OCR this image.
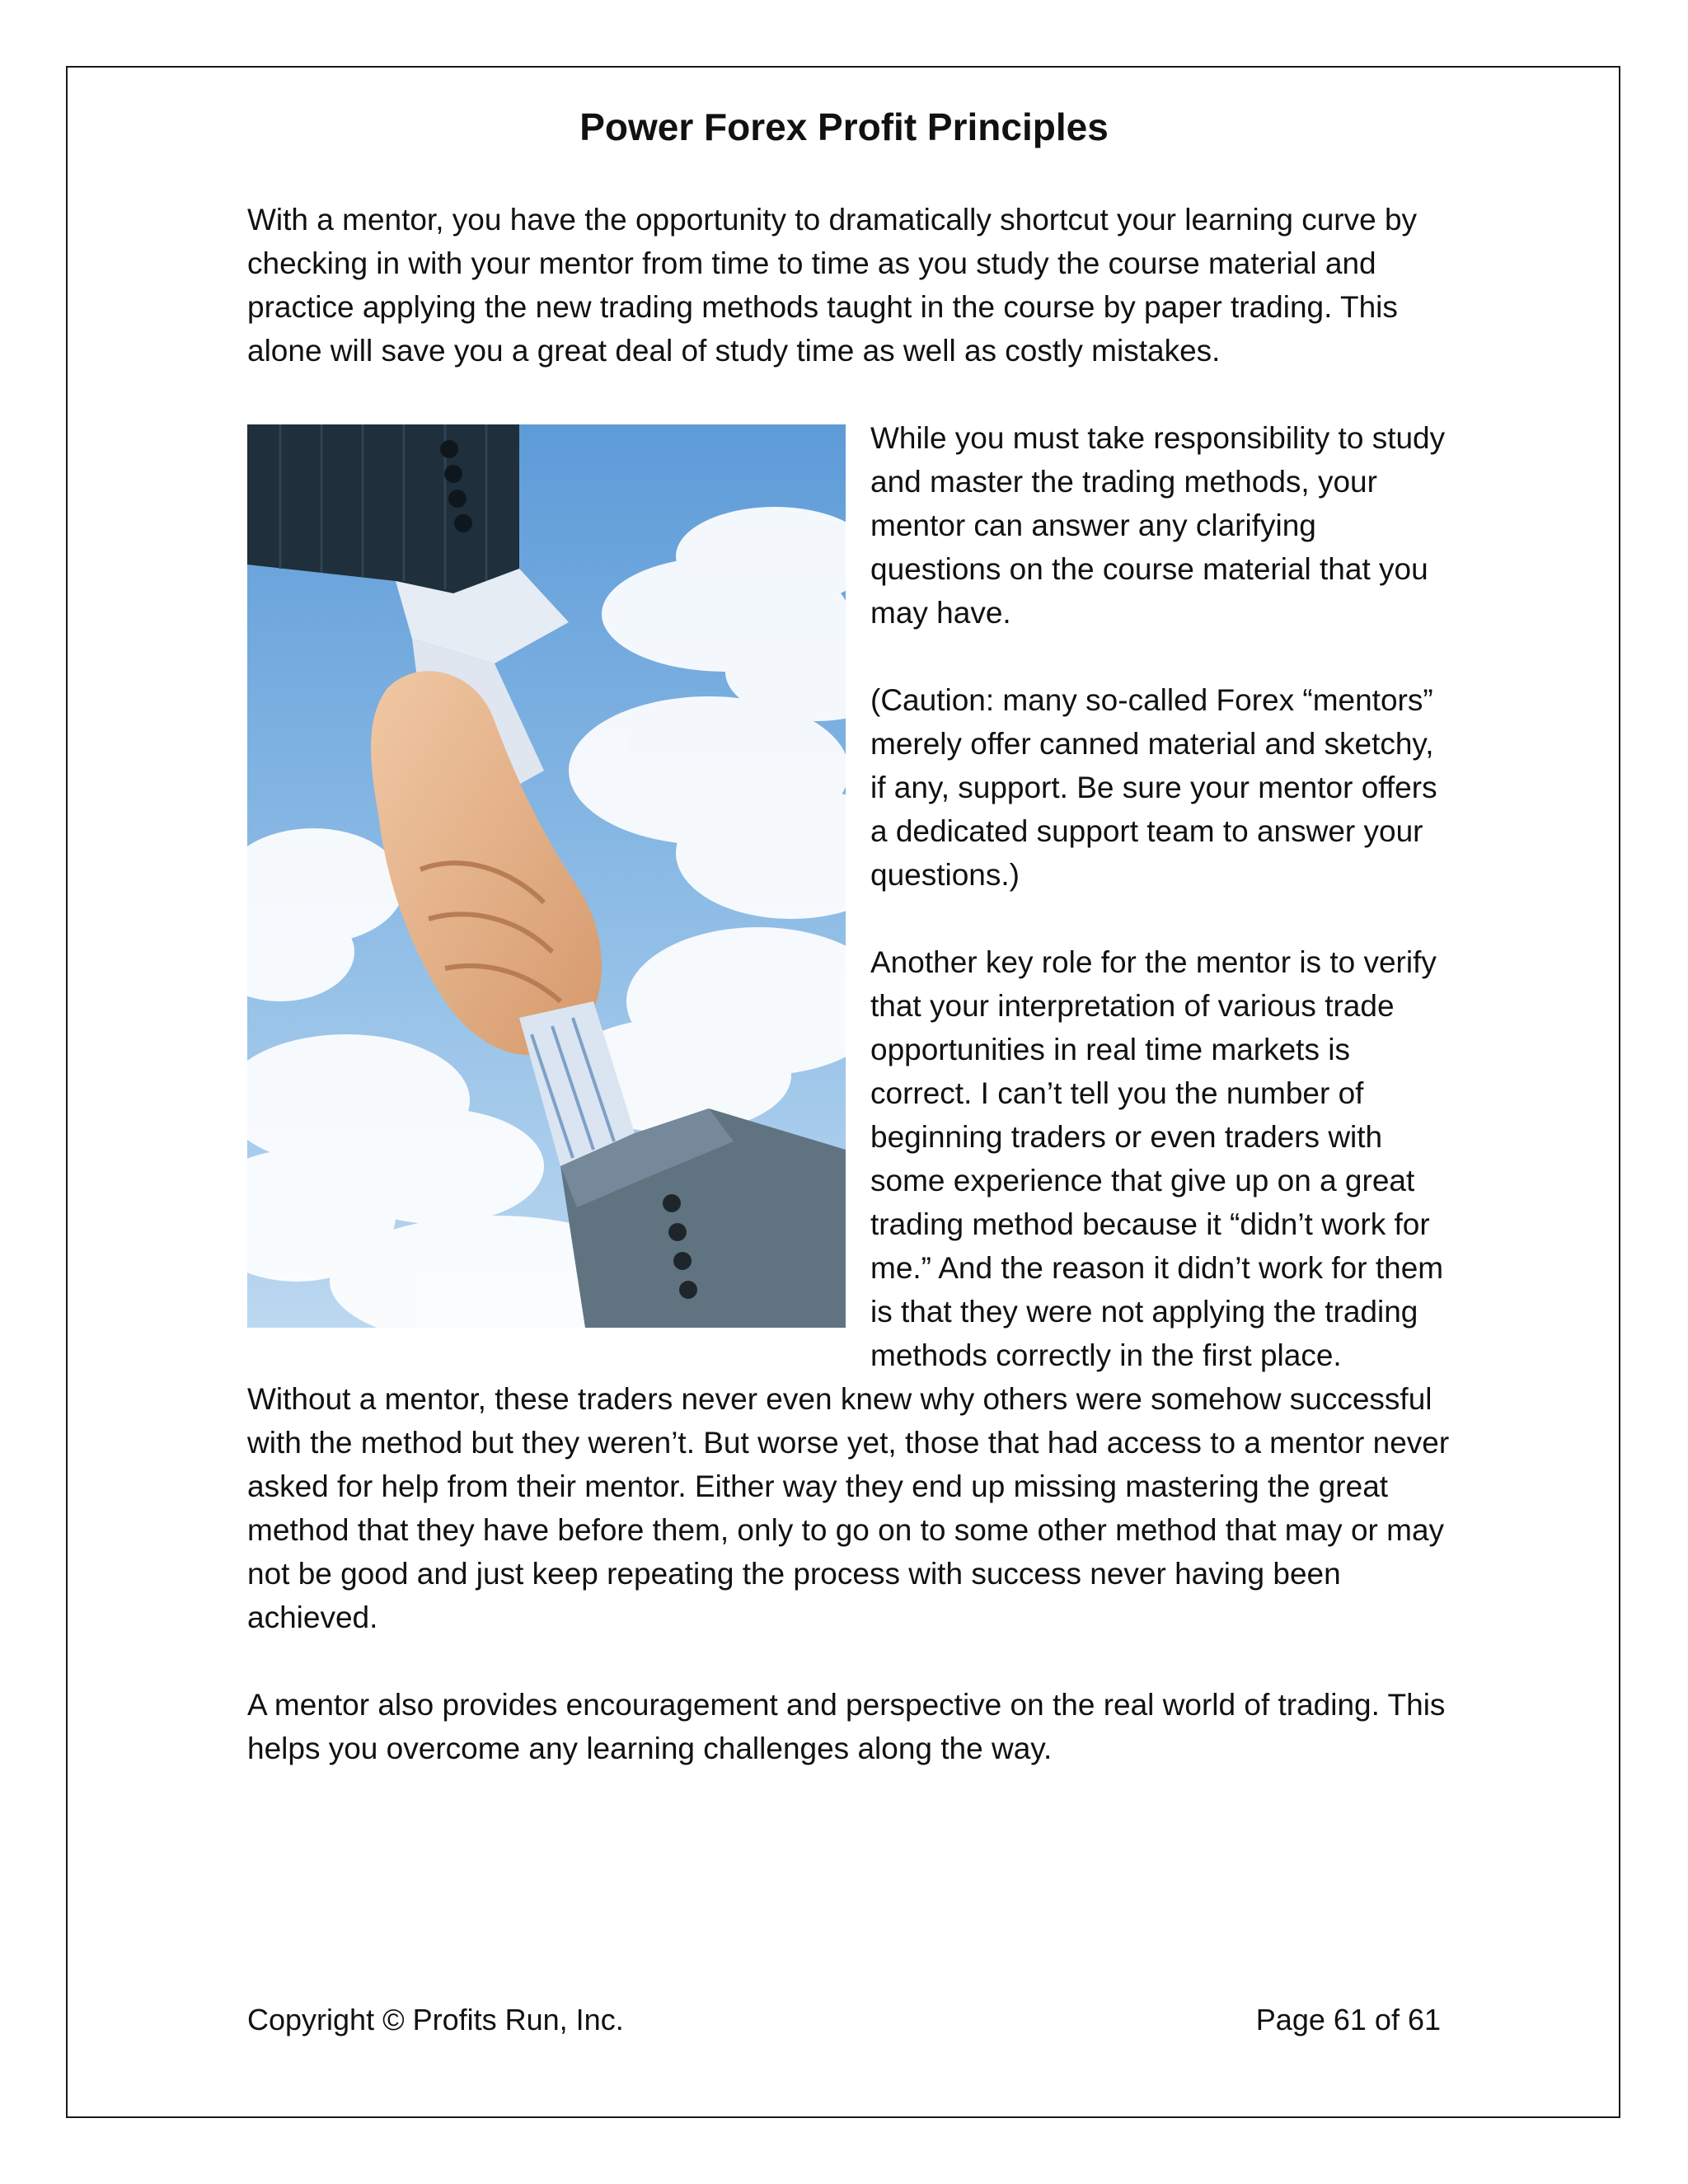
Power Forex Profit Principles

With a mentor, you have the opportunity to dramatically shortcut your learning curve by checking in with your mentor from time to time as you study the course material and practice applying the new trading methods taught in the course by paper trading. This alone will save you a great deal of study time as well as costly mistakes.

While you must take responsibility to study and master the trading methods, your mentor can answer any clarifying questions on the course material that you may have.

(Caution: many so-called Forex “mentors” merely offer canned material and sketchy, if any, support. Be sure your mentor offers a dedicated support team to answer your questions.)

Another key role for the mentor is to verify that your interpretation of various trade opportunities in real time markets is correct. I can’t tell you the number of beginning traders or even traders with some experience that give up on a great trading method because it “didn’t work for me.” And the reason it didn’t work for them is that they were not applying the trading methods correctly in the first place. Without a mentor, these traders never even knew why others were somehow successful with the method but they weren’t. But worse yet, those that had access to a mentor never asked for help from their mentor. Either way they end up missing mastering the great method that they have before them, only to go on to some other method that may or may not be good and just keep repeating the process with success never having been achieved.

A mentor also provides encouragement and perspective on the real world of trading. This helps you overcome any learning challenges along the way.

Copyright © Profits Run, Inc.	Page 61 of 61
